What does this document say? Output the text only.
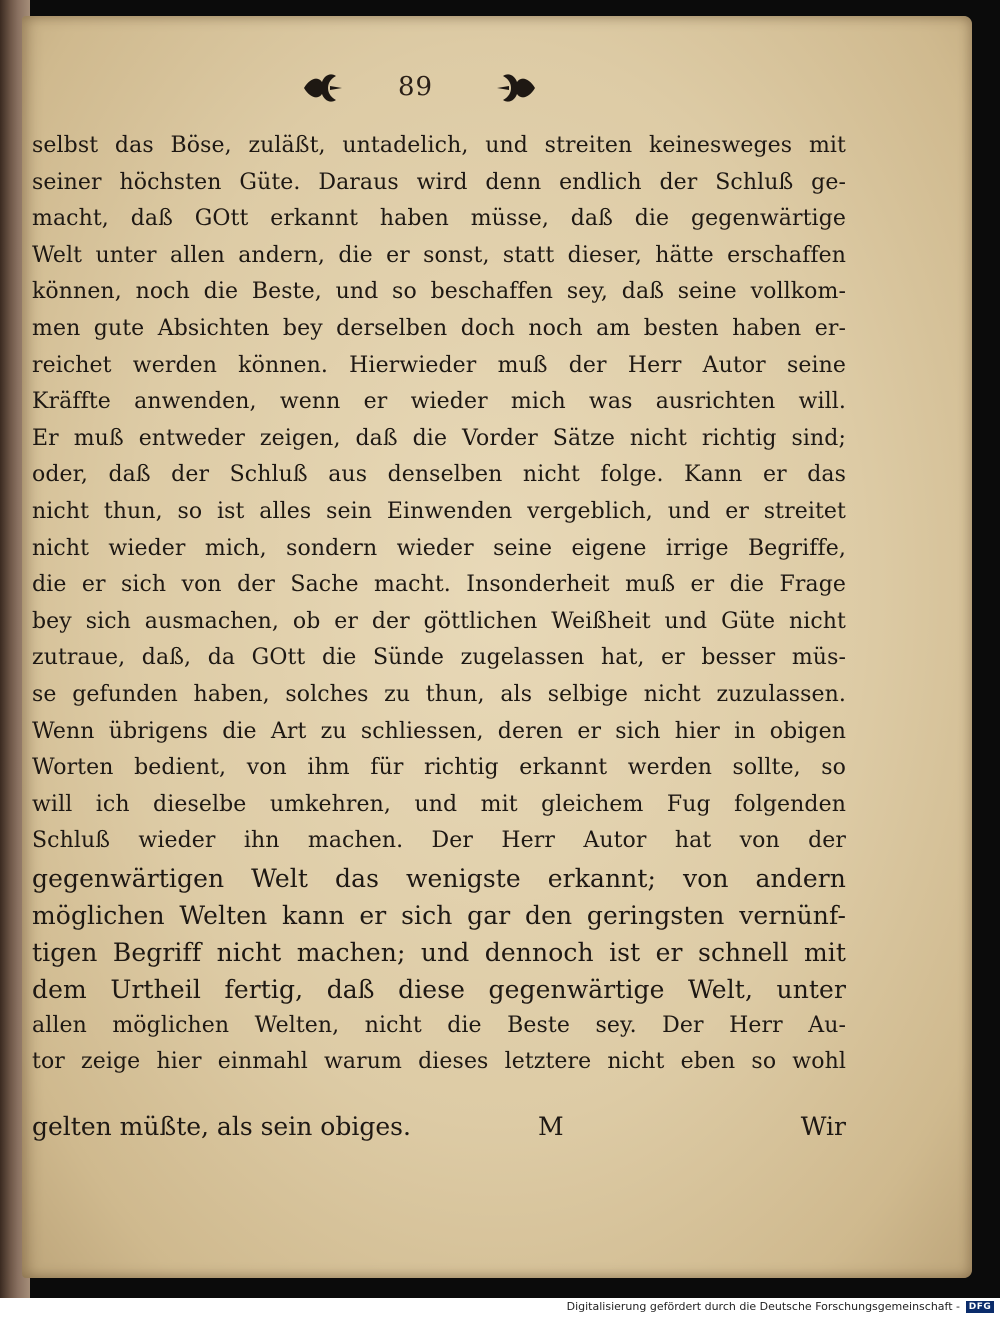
89
selbst das Böse, zuläßt, untadelich, und streiten keinesweges mit
seiner höchsten Güte. Daraus wird denn endlich der Schluß ge-
macht, daß GOtt erkannt haben müsse, daß die gegenwärtige
Welt unter allen andern, die er sonst, statt dieser, hätte erschaffen
können, noch die Beste, und so beschaffen sey, daß seine vollkom-
men gute Absichten bey derselben doch noch am besten haben er-
reichet werden können. Hierwieder muß der Herr Autor seine
Kräffte anwenden, wenn er wieder mich was ausrichten will.
Er muß entweder zeigen, daß die Vorder Sätze nicht richtig sind;
oder, daß der Schluß aus denselben nicht folge. Kann er das
nicht thun, so ist alles sein Einwenden vergeblich, und er streitet
nicht wieder mich, sondern wieder seine eigene irrige Begriffe,
die er sich von der Sache macht. Insonderheit muß er die Frage
bey sich ausmachen, ob er der göttlichen Weißheit und Güte nicht
zutraue, daß, da GOtt die Sünde zugelassen hat, er besser müs-
se gefunden haben, solches zu thun, als selbige nicht zuzulassen.
Wenn übrigens die Art zu schliessen, deren er sich hier in obigen
Worten bedient, von ihm für richtig erkannt werden sollte, so
will ich dieselbe umkehren, und mit gleichem Fug folgenden
Schluß wieder ihn machen. Der Herr Autor hat von der
gegenwärtigen Welt das wenigste erkannt; von andern
möglichen Welten kann er sich gar den geringsten vernünf-
tigen Begriff nicht machen; und dennoch ist er schnell mit
dem Urtheil fertig, daß diese gegenwärtige Welt, unter
allen möglichen Welten, nicht die Beste sey. Der Herr Au-
tor zeige hier einmahl warum dieses letztere nicht eben so wohl
gelten müßte, als sein obiges.	M	Wir
Digitalisierung gefördert durch die Deutsche Forschungsgemeinschaft - DFG
